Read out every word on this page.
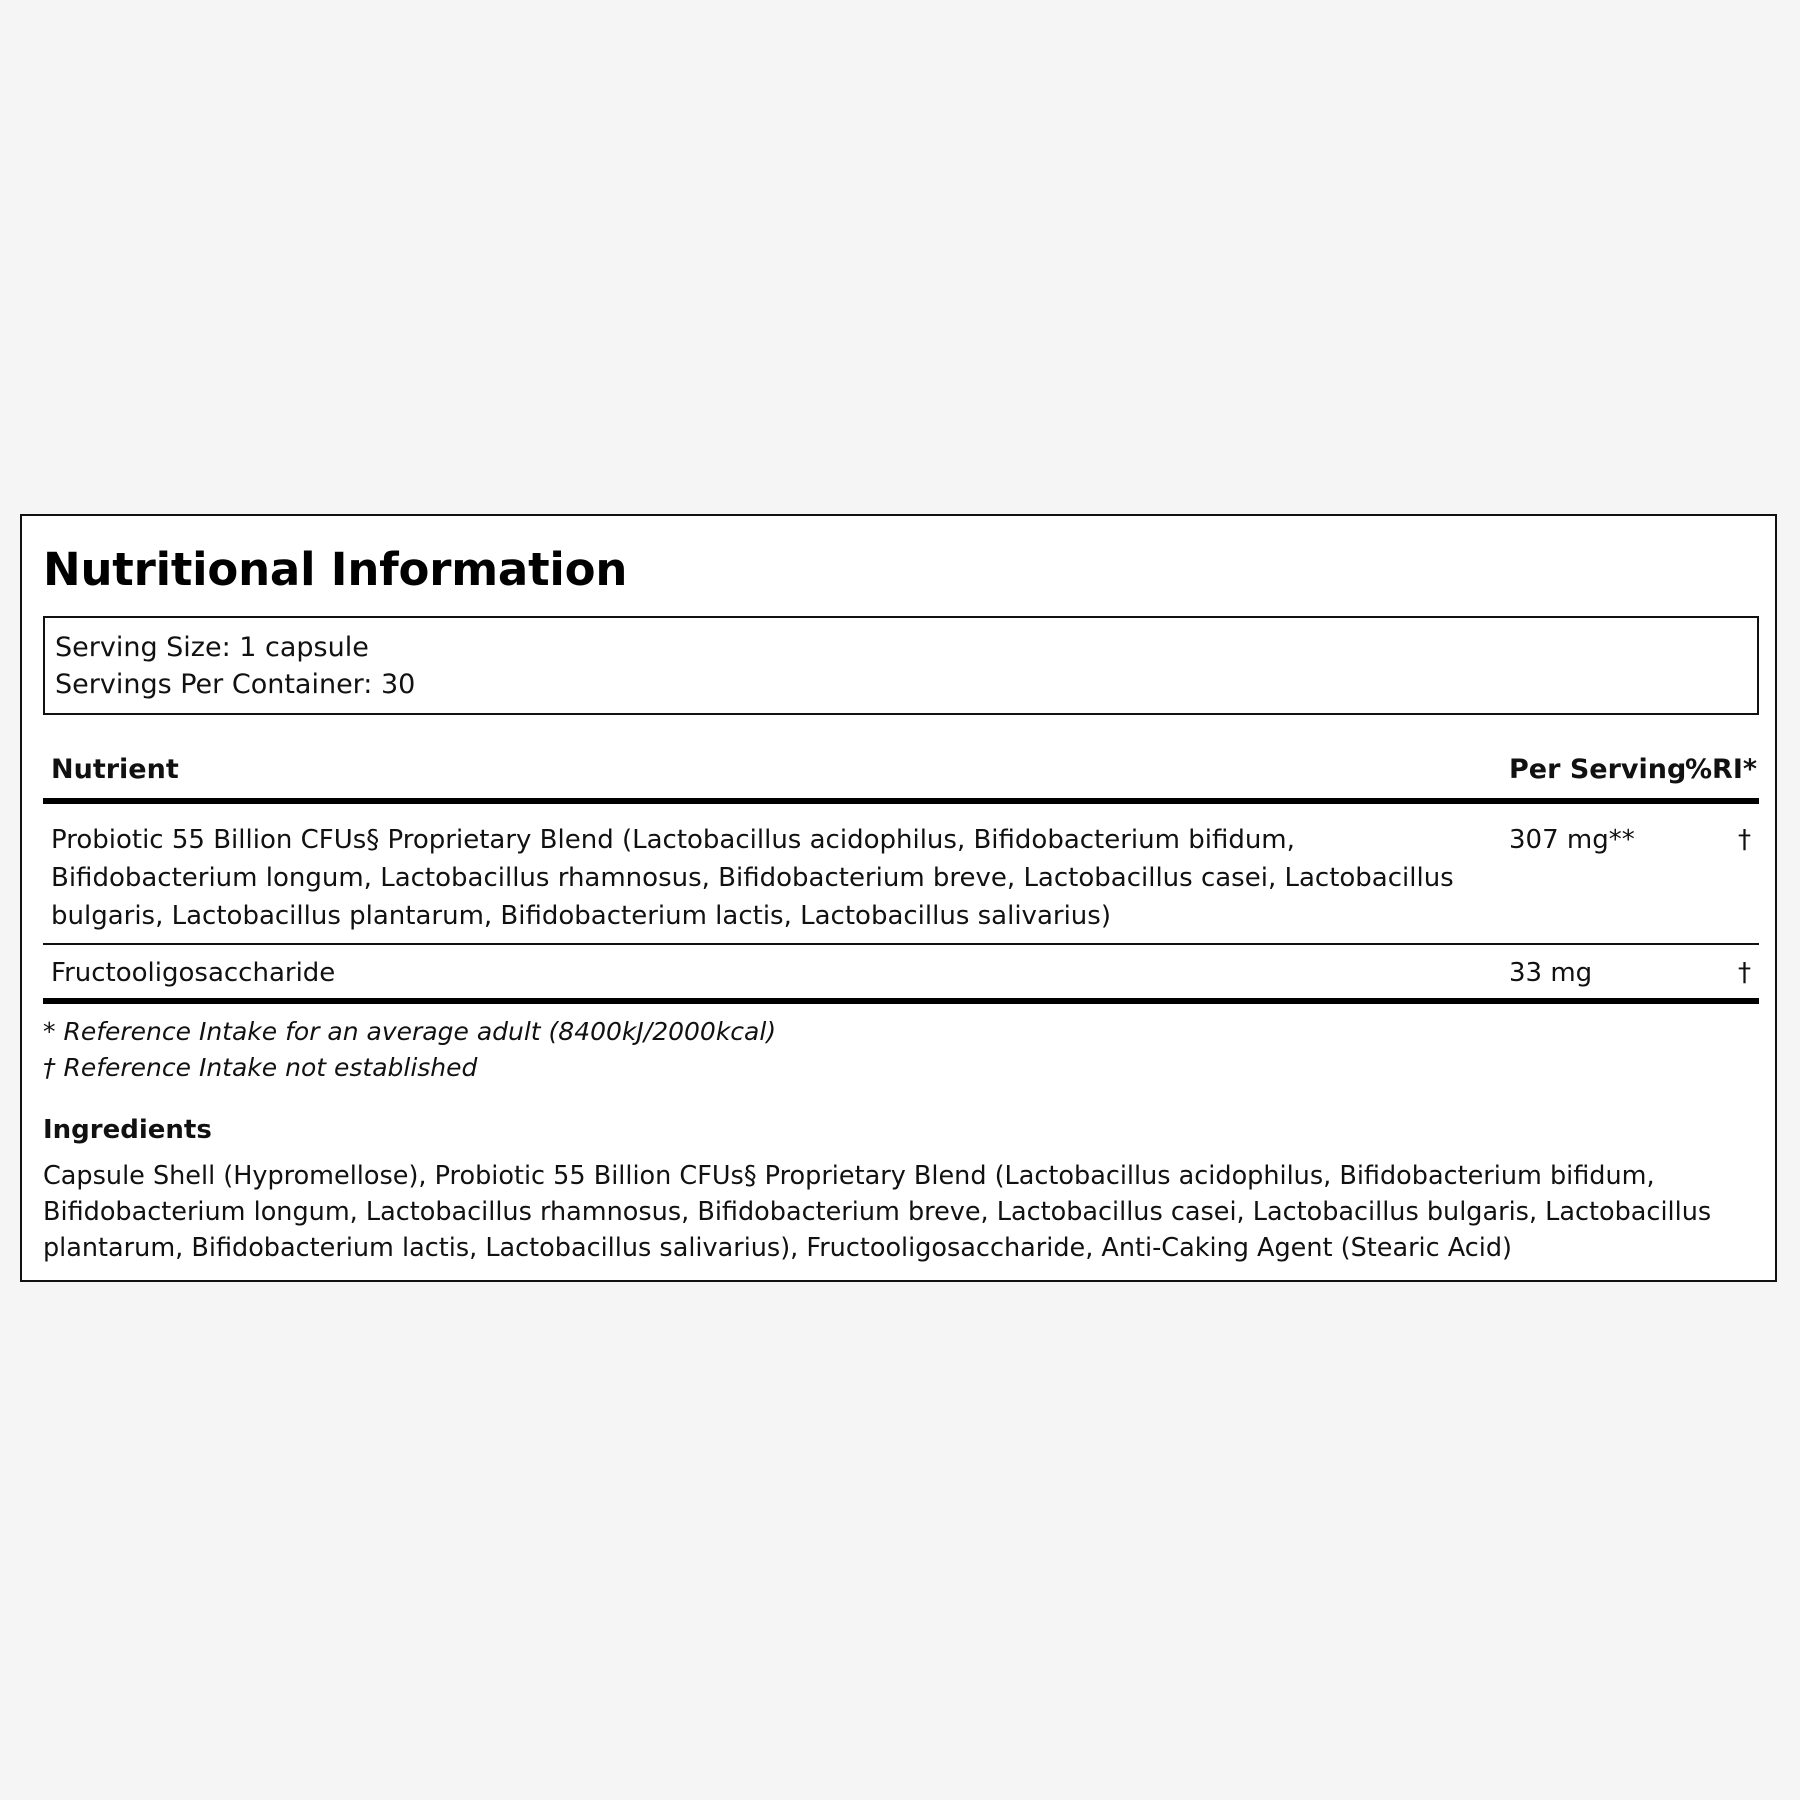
Nutritional Information
Serving Size: 1 capsule
Servings Per Container: 30
Nutrient	Per Serving	%RI*
Probiotic 55 Billion CFUs§ Proprietary Blend (Lactobacillus acidophilus, Bifidobacterium bifidum, Bifidobacterium longum, Lactobacillus rhamnosus, Bifidobacterium breve, Lactobacillus casei, Lactobacillus bulgaris, Lactobacillus plantarum, Bifidobacterium lactis, Lactobacillus salivarius)	307 mg**	†
Fructooligosaccharide	33 mg	†
* Reference Intake for an average adult (8400kJ/2000kcal)
† Reference Intake not established
Ingredients

Capsule Shell (Hypromellose), Probiotic 55 Billion CFUs§ Proprietary Blend (Lactobacillus acidophilus, Bifidobacterium bifidum, Bifidobacterium longum, Lactobacillus rhamnosus, Bifidobacterium breve, Lactobacillus casei, Lactobacillus bulgaris, Lactobacillus plantarum, Bifidobacterium lactis, Lactobacillus salivarius), Fructooligosaccharide, Anti-Caking Agent (Stearic Acid)
